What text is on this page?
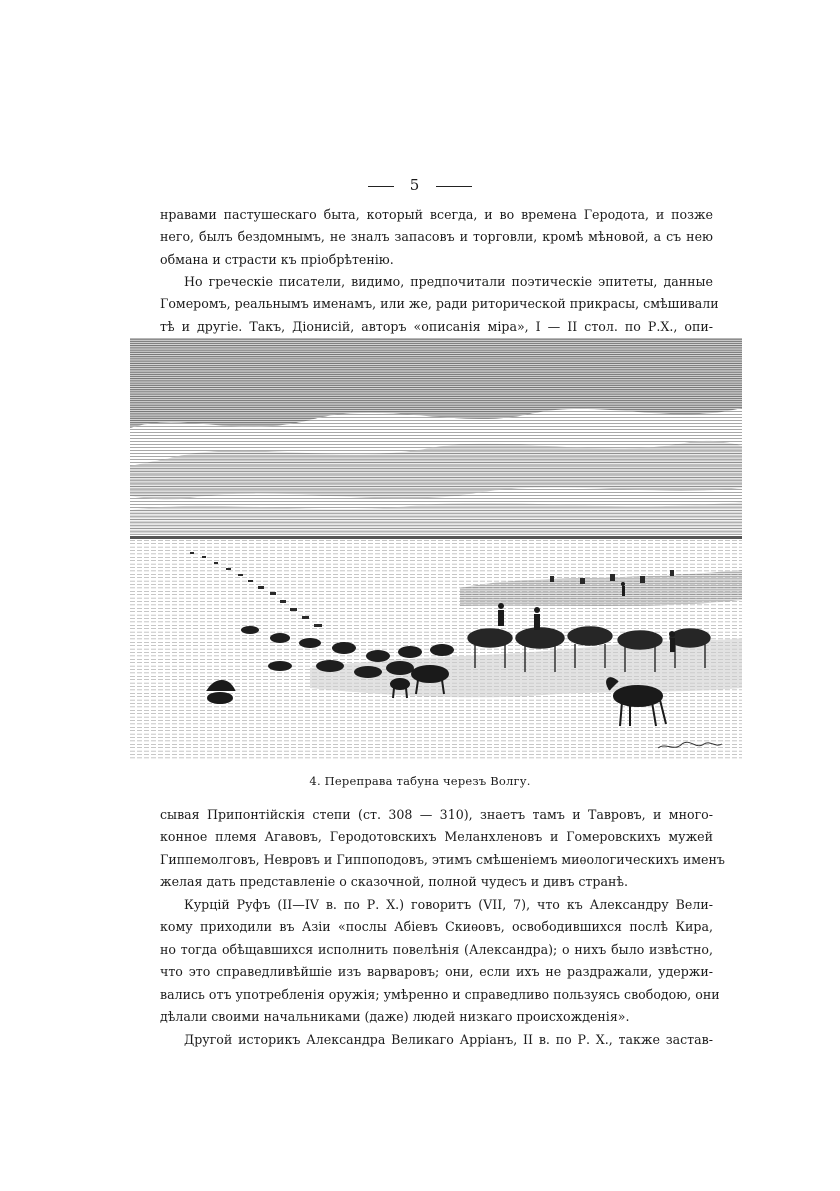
5
нравами пастушескаго быта, который всегда, и во времена Геродота, и позже
него, былъ бездомнымъ, не зналъ запасовъ и торговли, кромѣ мѣновой, а съ нею
обмана и страсти къ пріобрѣтенію.
Но греческіе писатели, видимо, предпочитали поэтическіе эпитеты, данные
Гомеромъ, реальнымъ именамъ, или же, ради риторической прикрасы, смѣшивали
тѣ и другіе. Такъ, Діонисій, авторъ «описанія міра», I — II стол. по Р.Х., опи-
4. Переправа табуна черезъ Волгу.
сывая Припонтійскія степи (ст. 308 — 310), знаетъ тамъ и Тавровъ, и много-
конное племя Агавовъ, Геродотовскихъ Меланхленовъ и Гомеровскихъ мужей
Гиппемолговъ, Невровъ и Гиппоподовъ, этимъ смѣшеніемъ миѳологическихъ именъ
желая дать представленіе о сказочной, полной чудесъ и дивъ странѣ.
Курцій Руфъ (II—IV в. по Р. X.) говоритъ (VII, 7), что къ Александру Вели-
кому приходили въ Азіи «послы Абіевъ Скиѳовъ, освободившихся послѣ Кира,
но тогда обѣщавшихся исполнить повелѣнія (Александра); о нихъ было извѣстно,
что это справедливѣйшіе изъ варваровъ; они, если ихъ не раздражали, удержи-
вались отъ употребленія оружія; умѣренно и справедливо пользуясь свободою, они
дѣлали своими начальниками (даже) людей низкаго происхожденія».
Другой историкъ Александра Великаго Арріанъ, II в. по Р. X., также застав-
